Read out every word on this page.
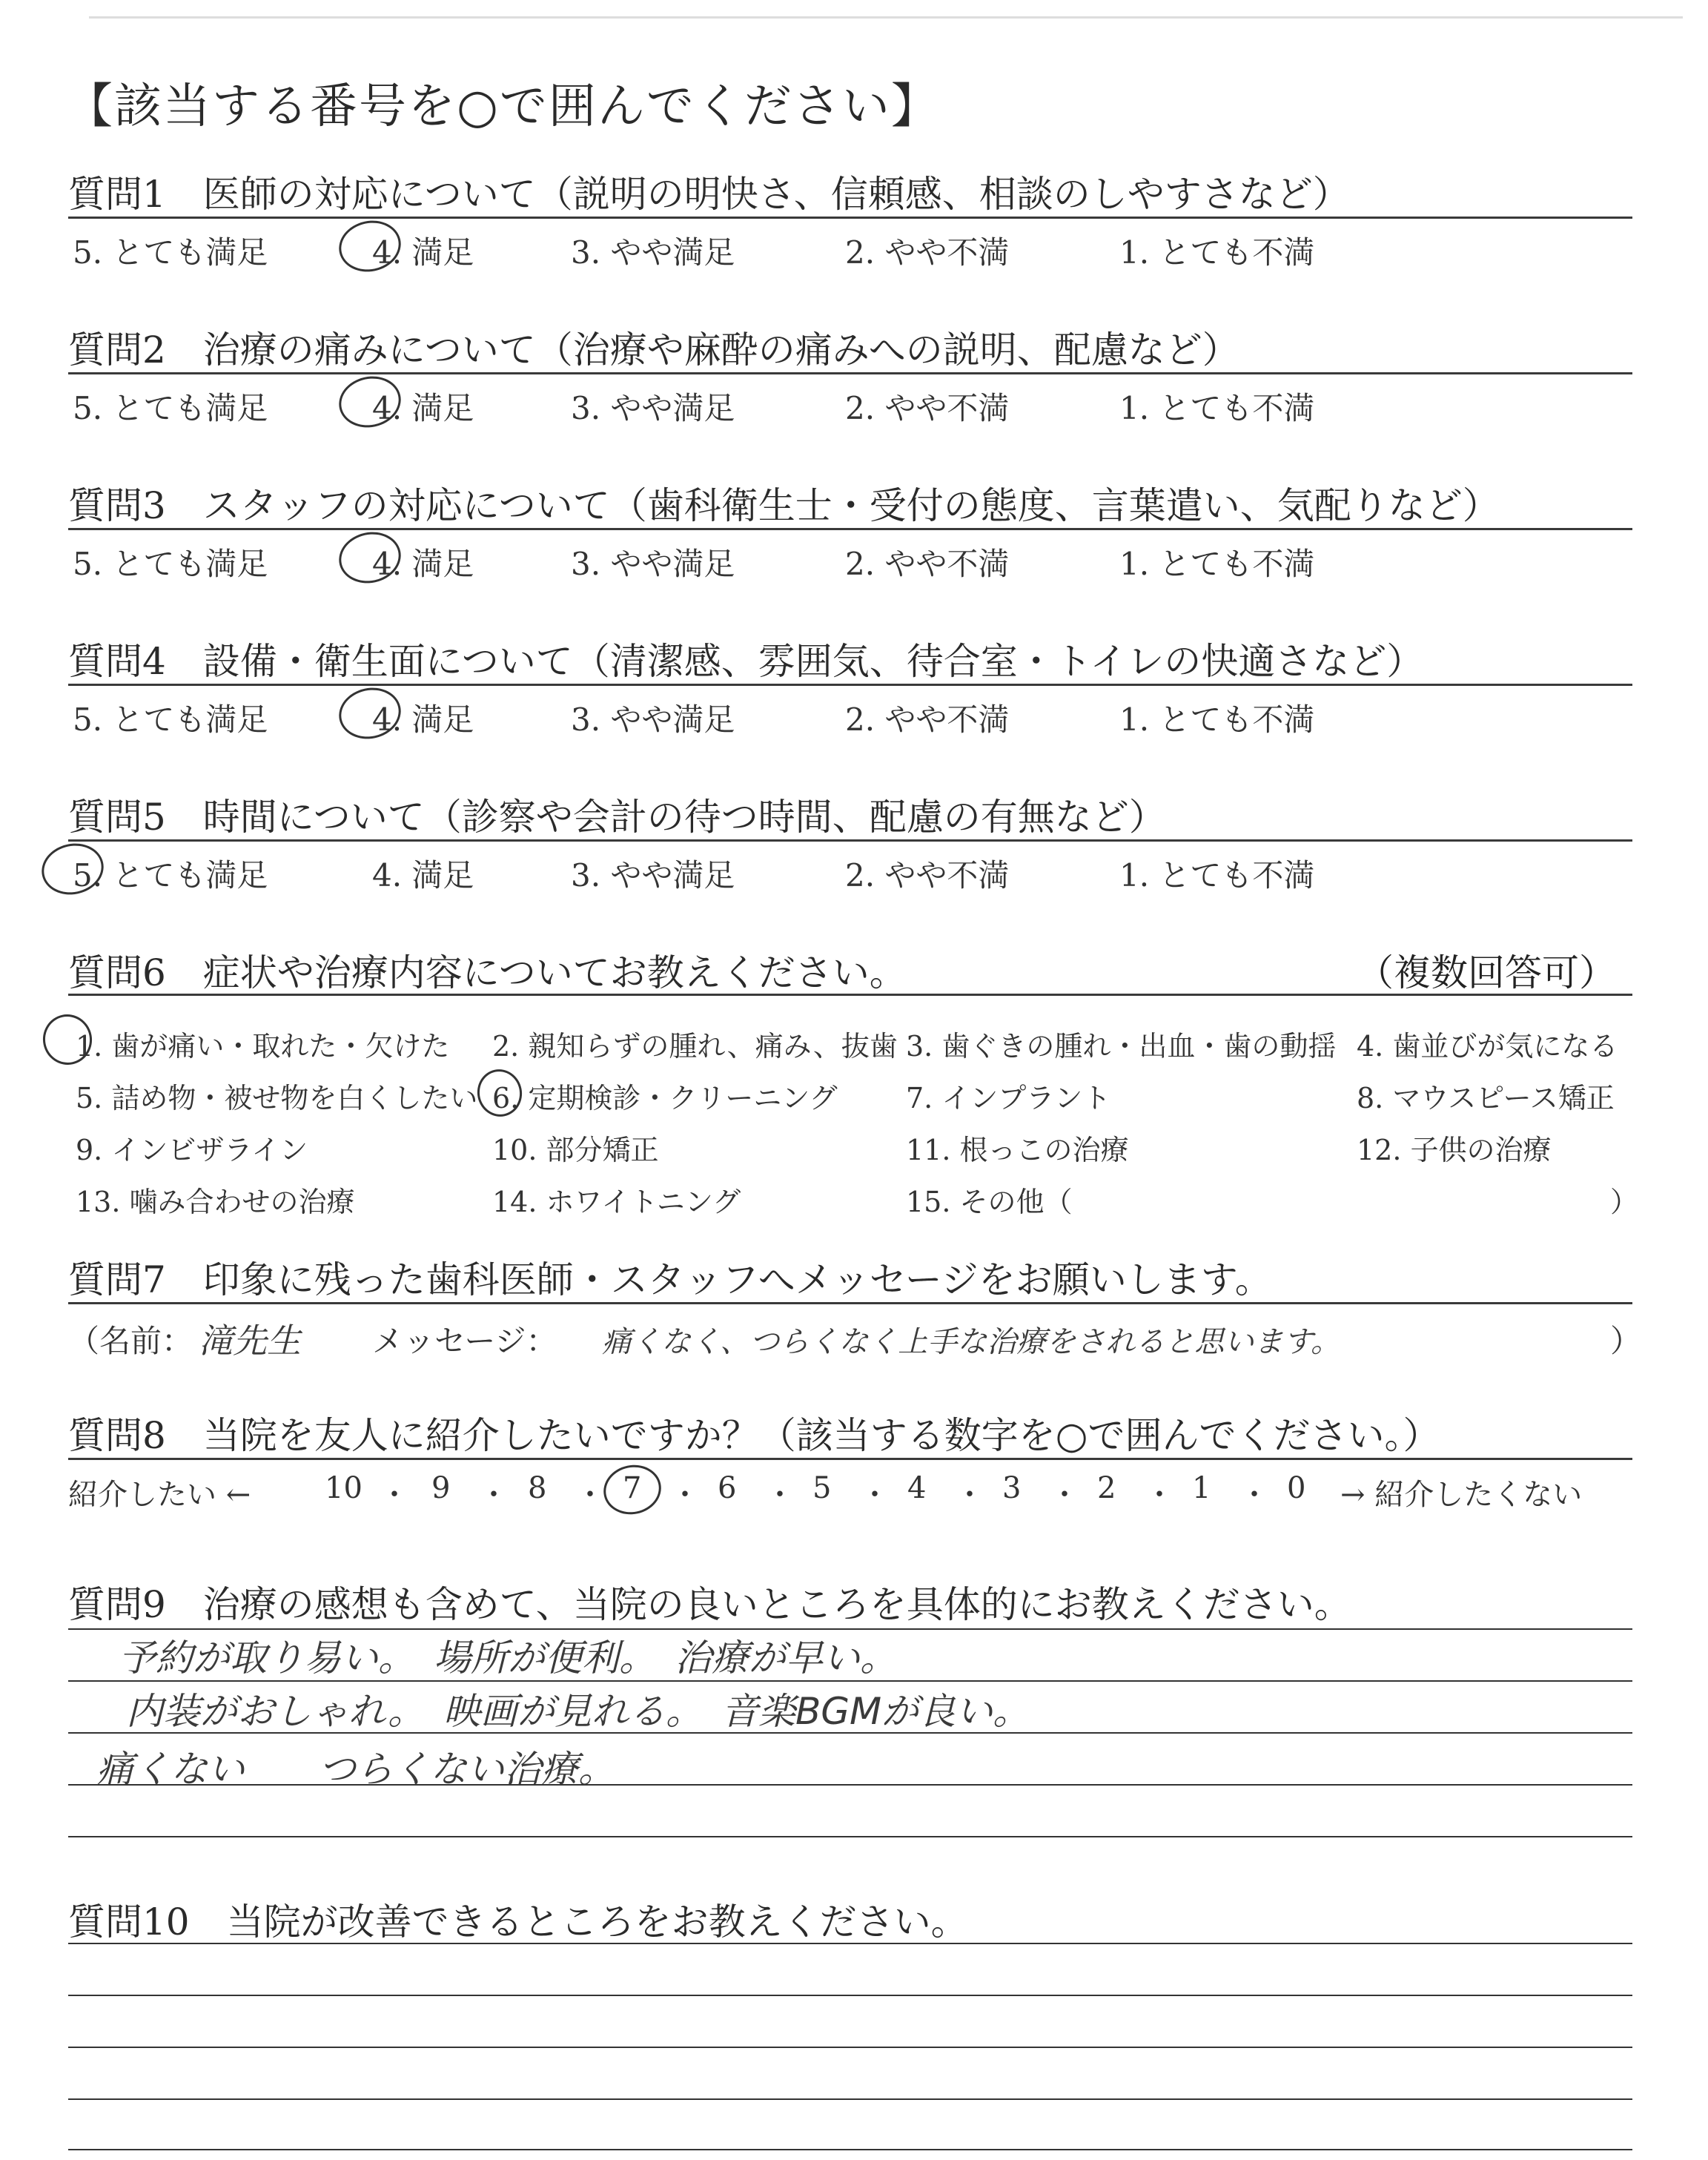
【該当する番号を○で囲んでください】
質問1　医師の対応について（説明の明快さ、信頼感、相談のしやすさなど）
5. とても満足	4. 満足	3. やや満足	2. やや不満	1. とても不満
質問2　治療の痛みについて（治療や麻酔の痛みへの説明、配慮など）
5. とても満足	4. 満足	3. やや満足	2. やや不満	1. とても不満
質問3　スタッフの対応について（歯科衛生士・受付の態度、言葉遣い、気配りなど）
5. とても満足	4. 満足	3. やや満足	2. やや不満	1. とても不満
質問4　設備・衛生面について（清潔感、雰囲気、待合室・トイレの快適さなど）
5. とても満足	4. 満足	3. やや満足	2. やや不満	1. とても不満
質問5　時間について（診察や会計の待つ時間、配慮の有無など）
5. とても満足	4. 満足	3. やや満足	2. やや不満	1. とても不満
質問6　症状や治療内容についてお教えください。	（複数回答可）
1. 歯が痛い・取れた・欠けた 2. 親知らずの腫れ、痛み、抜歯 3. 歯ぐきの腫れ・出血・歯の動揺 4. 歯並びが気になる
5. 詰め物・被せ物を白くしたい 6. 定期検診・クリーニング 7. インプラント	8. マウスピース矯正
9. インビザライン	10. 部分矯正	11. 根っこの治療	12. 子供の治療
13. 噛み合わせの治療	14. ホワイトニング	15. その他（	）
質問7　印象に残った歯科医師・スタッフへメッセージをお願いします。
（名前： 滝先生 メッセージ： 痛くなく、つらくなく上手な治療をされると思います。	）
質問8　当院を友人に紹介したいですか？（該当する数字を○で囲んでください。）
紹介したい ← 10 9	8	7	6	5	4	3	2	1	0
・ ・ ・ ・ ・ ・ ・ ・ ・ ・ → 紹介したくない
質問9　治療の感想も含めて、当院の良いところを具体的にお教えください。
予約が取り易い。　場所が便利。　治療が早い。
内装がおしゃれ。　映画が見れる。　音楽BGMが良い。
痛くない　　つらくない治療。
質問10　当院が改善できるところをお教えください。
